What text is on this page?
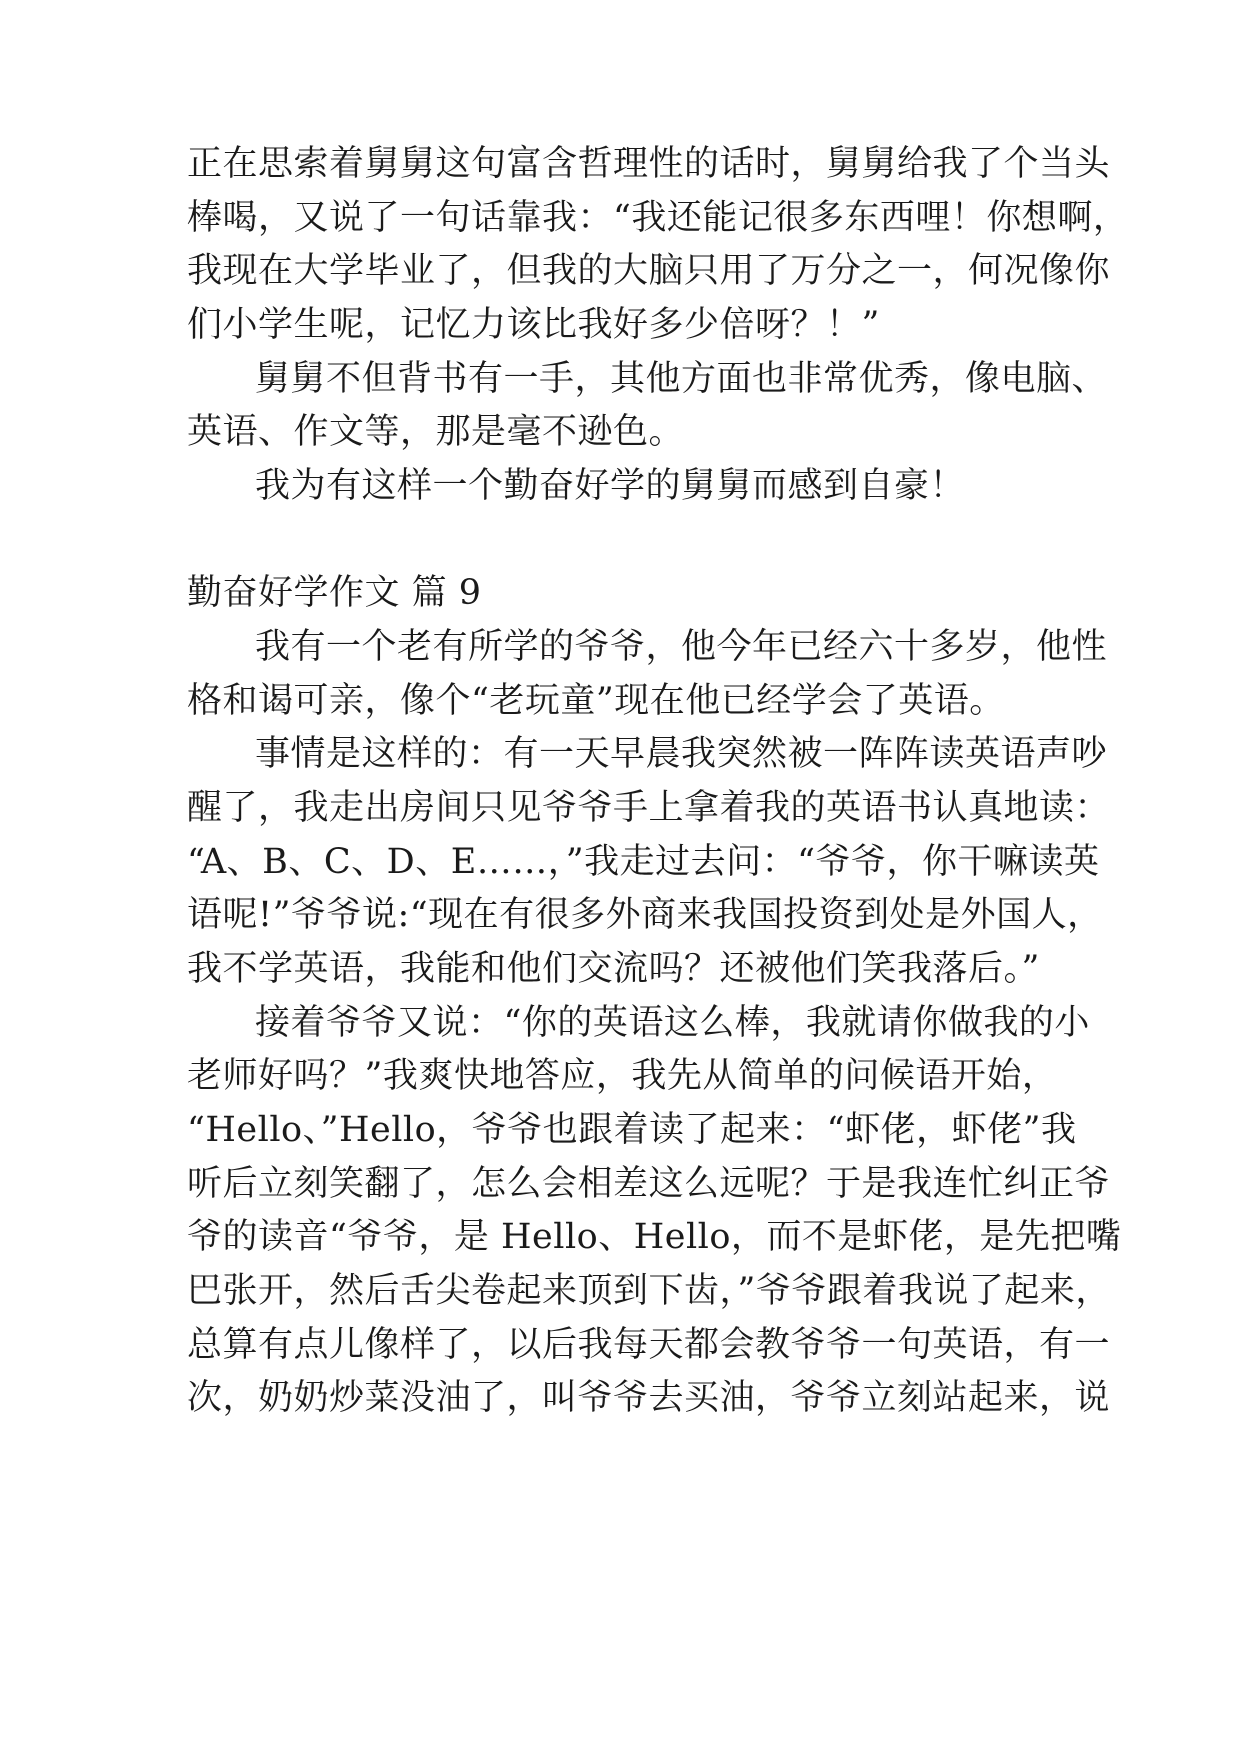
正在思索着舅舅这句富含哲理性的话时，舅舅给我了个当头
棒喝，又说了一句话靠我：“我还能记很多东西哩！你想啊，
我现在大学毕业了，但我的大脑只用了万分之一，何况像你
们小学生呢，记忆力该比我好多少倍呀？！”
舅舅不但背书有一手，其他方面也非常优秀，像电脑、
英语、作文等，那是毫不逊色。
我为有这样一个勤奋好学的舅舅而感到自豪！
勤奋好学作文 篇 9
我有一个老有所学的爷爷，他今年已经六十多岁，他性
格和谒可亲，像个“老玩童”现在他已经学会了英语。
事情是这样的：有一天早晨我突然被一阵阵读英语声吵
醒了，我走出房间只见爷爷手上拿着我的英语书认真地读：
“A、B、C、D、E……，”我走过去问：“爷爷，你干嘛读英
语呢!”爷爷说:“现在有很多外商来我国投资到处是外国人，
我不学英语，我能和他们交流吗？还被他们笑我落后。”
接着爷爷又说：“你的英语这么棒，我就请你做我的小
老师好吗？”我爽快地答应，我先从简单的问候语开始，
“Hello、”Hello，爷爷也跟着读了起来：“虾佬，虾佬”我
听后立刻笑翻了，怎么会相差这么远呢？于是我连忙纠正爷
爷的读音“爷爷，是 Hello、Hello，而不是虾佬，是先把嘴
巴张开，然后舌尖卷起来顶到下齿，”爷爷跟着我说了起来，
总算有点儿像样了，以后我每天都会教爷爷一句英语，有一
次，奶奶炒菜没油了，叫爷爷去买油，爷爷立刻站起来，说
